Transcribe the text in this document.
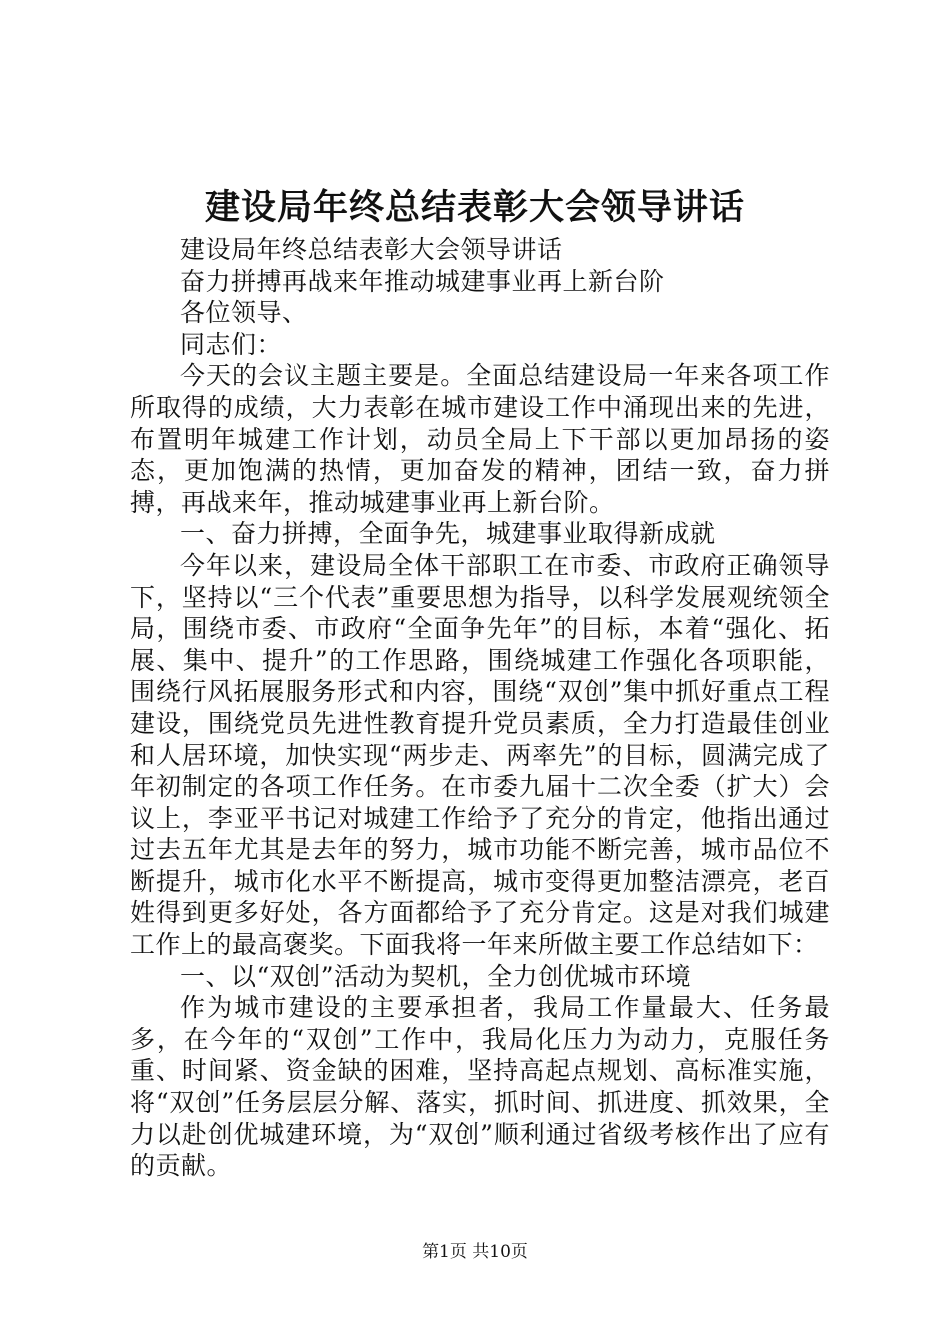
建设局年终总结表彰大会领导讲话

建设局年终总结表彰大会领导讲话

奋力拼搏再战来年推动城建事业再上新台阶

各位领导、

同志们：

今天的会议主题主要是。全面总结建设局一年来各项工作所取得的成绩，大力表彰在城市建设工作中涌现出来的先进，布置明年城建工作计划，动员全局上下干部以更加昂扬的姿态，更加饱满的热情，更加奋发的精神，团结一致，奋力拼搏，再战来年，推动城建事业再上新台阶。

一、奋力拼搏，全面争先，城建事业取得新成就

今年以来，建设局全体干部职工在市委、市政府正确领导下，坚持以“三个代表”重要思想为指导，以科学发展观统领全局，围绕市委、市政府“全面争先年”的目标，本着“强化、拓展、集中、提升”的工作思路，围绕城建工作强化各项职能，围绕行风拓展服务形式和内容，围绕“双创”集中抓好重点工程建设，围绕党员先进性教育提升党员素质，全力打造最佳创业和人居环境，加快实现“两步走、两率先”的目标，圆满完成了年初制定的各项工作任务。在市委九届十二次全委（扩大）会议上，李亚平书记对城建工作给予了充分的肯定，他指出通过过去五年尤其是去年的努力，城市功能不断完善，城市品位不断提升，城市化水平不断提高，城市变得更加整洁漂亮，老百姓得到更多好处，各方面都给予了充分肯定。这是对我们城建工作上的最高褒奖。下面我将一年来所做主要工作总结如下：

一、以“双创”活动为契机，全力创优城市环境

作为城市建设的主要承担者，我局工作量最大、任务最多，在今年的“双创”工作中，我局化压力为动力，克服任务重、时间紧、资金缺的困难，坚持高起点规划、高标准实施，将“双创”任务层层分解、落实，抓时间、抓进度、抓效果，全力以赴创优城建环境，为“双创”顺利通过省级考核作出了应有的贡献。

第1页 共10页
